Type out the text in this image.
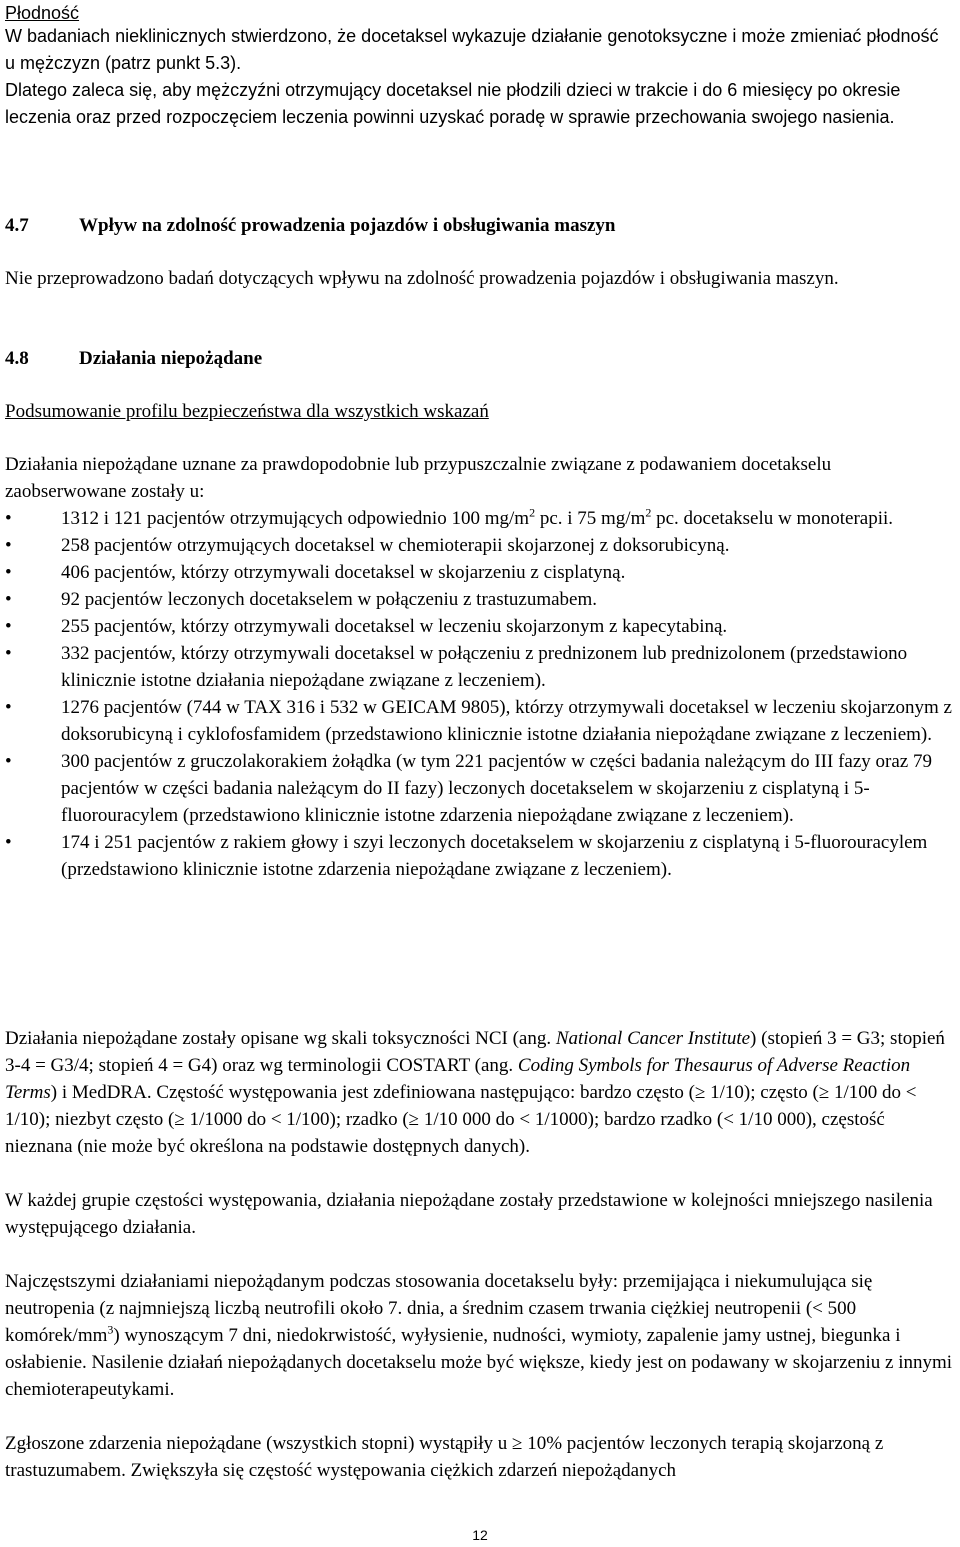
Płodność

W badaniach nieklinicznych stwierdzono, że docetaksel wykazuje działanie genotoksyczne i może zmieniać płodność u mężczyzn (patrz punkt 5.3).

Dlatego zaleca się, aby mężczyźni otrzymujący docetaksel nie płodzili dzieci w trakcie i do 6 miesięcy po okresie leczenia oraz przed rozpoczęciem leczenia powinni uzyskać poradę w sprawie przechowania swojego nasienia.

4.7	Wpływ na zdolność prowadzenia pojazdów i obsługiwania maszyn

Nie przeprowadzono badań dotyczących wpływu na zdolność prowadzenia pojazdów i obsługiwania maszyn.

4.8	Działania niepożądane

Podsumowanie profilu bezpieczeństwa dla wszystkich wskazań

Działania niepożądane uznane za prawdopodobnie lub przypuszczalnie związane z podawaniem docetakselu zaobserwowane zostały u:

•	1312 i 121 pacjentów otrzymujących odpowiednio 100 $mg/m^2$ pc. i 75 $mg/m^2$ pc. docetakselu w monoterapii.
•	258 pacjentów otrzymujących docetaksel w chemioterapii skojarzonej z doksorubicyną.
•	406 pacjentów, którzy otrzymywali docetaksel w skojarzeniu z cisplatyną.
•	92 pacjentów leczonych docetakselem w połączeniu z trastuzumabem.
•	255 pacjentów, którzy otrzymywali docetaksel w leczeniu skojarzonym z kapecytabiną.
•	332 pacjentów, którzy otrzymywali docetaksel w połączeniu z prednizonem lub prednizolonem (przedstawiono klinicznie istotne działania niepożądane związane z leczeniem).
•	1276 pacjentów (744 w TAX 316 i 532 w GEICAM 9805), którzy otrzymywali docetaksel w leczeniu skojarzonym z doksorubicyną i cyklofosfamidem (przedstawiono klinicznie istotne działania niepożądane związane z leczeniem).
•	300 pacjentów z gruczolakorakiem żołądka (w tym 221 pacjentów w części badania należącym do III fazy oraz 79 pacjentów w części badania należącym do II fazy) leczonych docetakselem w skojarzeniu z cisplatyną i 5-fluorouracylem (przedstawiono klinicznie istotne zdarzenia niepożądane związane z leczeniem).
•	174 i 251 pacjentów z rakiem głowy i szyi leczonych docetakselem w skojarzeniu z cisplatyną i 5-fluorouracylem (przedstawiono klinicznie istotne zdarzenia niepożądane związane z leczeniem).

Działania niepożądane zostały opisane wg skali toksyczności NCI (ang. National Cancer Institute) (stopień 3 = G3; stopień 3-4 = G3/4; stopień 4 = G4) oraz wg terminologii COSTART (ang. Coding Symbols for Thesaurus of Adverse Reaction Terms) i MedDRA. Częstość występowania jest zdefiniowana następująco: bardzo często (≥ 1/10); często (≥ 1/100 do < 1/10); niezbyt często (≥ 1/1000 do < 1/100); rzadko (≥ 1/10 000 do < 1/1000); bardzo rzadko (< 1/10 000), częstość nieznana (nie może być określona na podstawie dostępnych danych).

W każdej grupie częstości występowania, działania niepożądane zostały przedstawione w kolejności mniejszego nasilenia występującego działania.

Najczęstszymi działaniami niepożądanym podczas stosowania docetakselu były: przemijająca i niekumulująca się neutropenia (z najmniejszą liczbą neutrofili około 7. dnia, a średnim czasem trwania ciężkiej neutropenii (< 500 komórek/$mm^3$) wynoszącym 7 dni, niedokrwistość, wyłysienie, nudności, wymioty, zapalenie jamy ustnej, biegunka i osłabienie. Nasilenie działań niepożądanych docetakselu może być większe, kiedy jest on podawany w skojarzeniu z innymi chemioterapeutykami.

Zgłoszone zdarzenia niepożądane (wszystkich stopni) wystąpiły u ≥ 10% pacjentów leczonych terapią skojarzoną z trastuzumabem. Zwiększyła się częstość występowania ciężkich zdarzeń niepożądanych

12
